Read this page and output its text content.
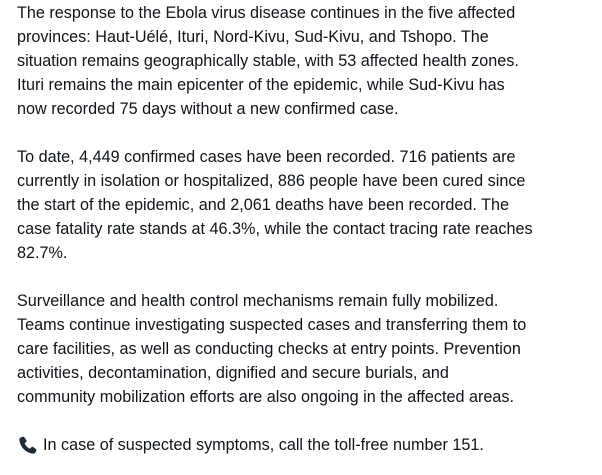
The response to the Ebola virus disease continues in the five affected
provinces: Haut-Uélé, Ituri, Nord-Kivu, Sud-Kivu, and Tshopo. The
situation remains geographically stable, with 53 affected health zones.
Ituri remains the main epicenter of the epidemic, while Sud-Kivu has
now recorded 75 days without a new confirmed case.

To date, 4,449 confirmed cases have been recorded. 716 patients are
currently in isolation or hospitalized, 886 people have been cured since
the start of the epidemic, and 2,061 deaths have been recorded. The
case fatality rate stands at 46.3%, while the contact tracing rate reaches
82.7%.

Surveillance and health control mechanisms remain fully mobilized.
Teams continue investigating suspected cases and transferring them to
care facilities, as well as conducting checks at entry points. Prevention
activities, decontamination, dignified and secure burials, and
community mobilization efforts are also ongoing in the affected areas.

In case of suspected symptoms, call the toll-free number 151.
